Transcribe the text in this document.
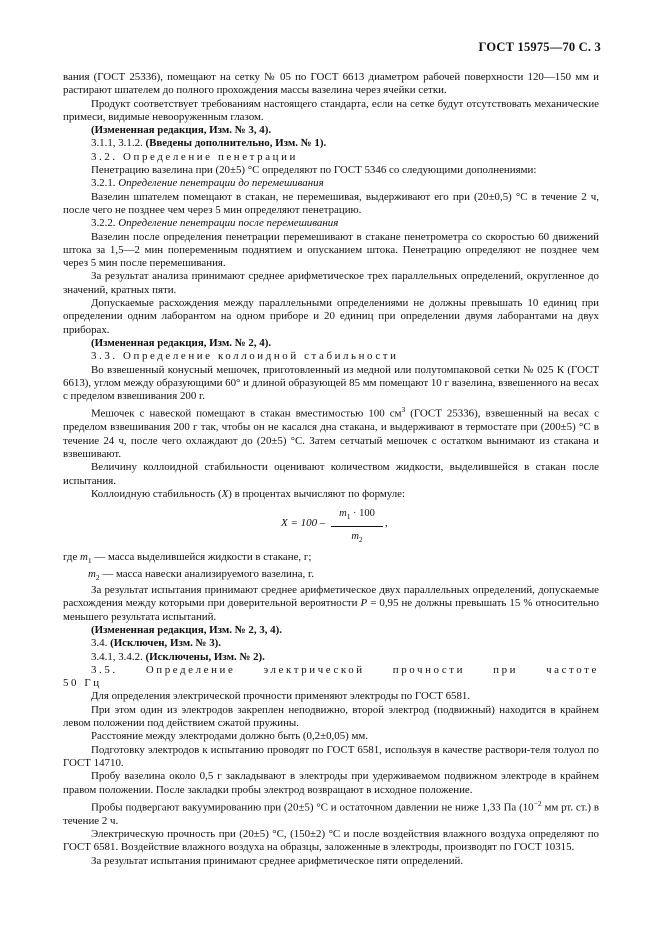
ГОСТ 15975—70 С. 3

вания (ГОСТ 25336), помещают на сетку № 05 по ГОСТ 6613 диаметром рабочей поверхности 120—150 мм и растирают шпателем до полного прохождения массы вазелина через ячейки сетки.

Продукт соответствует требованиям настоящего стандарта, если на сетке будут отсутствовать механические примеси, видимые невооруженным глазом.

(Измененная редакция, Изм. № 3, 4).

3.1.1, 3.1.2. (Введены дополнительно, Изм. № 1).

3.2. Определение пенетрации

Пенетрацию вазелина при (20±5) °С определяют по ГОСТ 5346 со следующими дополнениями:

3.2.1. Определение пенетрации до перемешивания

Вазелин шпателем помещают в стакан, не перемешивая, выдерживают его при (20±0,5) °С в течение 2 ч, после чего не позднее чем через 5 мин определяют пенетрацию.

3.2.2. Определение пенетрации после перемешивания

Вазелин после определения пенетрации перемешивают в стакане пенетрометра со скоростью 60 движений штока за 1,5—2 мин попеременным поднятием и опусканием штока. Пенетрацию определяют не позднее чем через 5 мин после перемешивания.

За результат анализа принимают среднее арифметическое трех параллельных определений, округленное до значений, кратных пяти.

Допускаемые расхождения между параллельными определениями не должны превышать 10 единиц при определении одним лаборантом на одном приборе и 20 единиц при определении двумя лаборантами на двух приборах.

(Измененная редакция, Изм. № 2, 4).

3.3. Определение коллоидной стабильности

Во взвешенный конусный мешочек, приготовленный из медной или полутомпаковой сетки № 025 К (ГОСТ 6613), углом между образующими 60° и длиной образующей 85 мм помещают 10 г вазелина, взвешенного на весах с пределом взвешивания 200 г.

Мешочек с навеской помещают в стакан вместимостью 100 $см^3$ (ГОСТ 25336), взвешенный на весах с пределом взвешивания 200 г так, чтобы он не касался дна стакана, и выдерживают в термостате при (200±5) °С в течение 24 ч, после чего охлаждают до (20±5) °С. Затем сетчатый мешочек с остатком вынимают из стакана и взвешивают.

Величину коллоидной стабильности оценивают количеством жидкости, выделившейся в стакан после испытания.

Коллоидную стабильность (X) в процентах вычисляют по формуле:

$X = 100 - \frac{m_1 \cdot 100}{m_2}$ ,

где $m_1$ — масса выделившейся жидкости в стакане, г;

$m_2$ — масса навески анализируемого вазелина, г.

За результат испытания принимают среднее арифметическое двух параллельных определений, допускаемые расхождения между которыми при доверительной вероятности P = 0,95 не должны превышать 15 % относительно меньшего результата испытаний.

(Измененная редакция, Изм. № 2, 3, 4).

3.4. (Исключен, Изм. № 3).

3.4.1, 3.4.2. (Исключены, Изм. № 2).

3.5.	Определение	электрической	прочности	при	частоте

50 Гц

Для определения электрической прочности применяют электроды по ГОСТ 6581.

При этом один из электродов закреплен неподвижно, второй электрод (подвижный) находится в крайнем левом положении под действием сжатой пружины.

Расстояние между электродами должно быть (0,2±0,05) мм.

Подготовку электродов к испытанию проводят по ГОСТ 6581, используя в качестве раствори-теля толуол по ГОСТ 14710.

Пробу вазелина около 0,5 г закладывают в электроды при удерживаемом подвижном электроде в крайнем правом положении. После закладки пробы электрод возвращают в исходное положение.

Пробы подвергают вакуумированию при (20±5) °С и остаточном давлении не ниже 1,33 Па ($10^{-2}$ мм рт. ст.) в течение 2 ч.

Электрическую прочность при (20±5) °С, (150±2) °С и после воздействия влажного воздуха определяют по ГОСТ 6581. Воздействие влажного воздуха на образцы, заложенные в электроды, производят по ГОСТ 10315.

За результат испытания принимают среднее арифметическое пяти определений.
